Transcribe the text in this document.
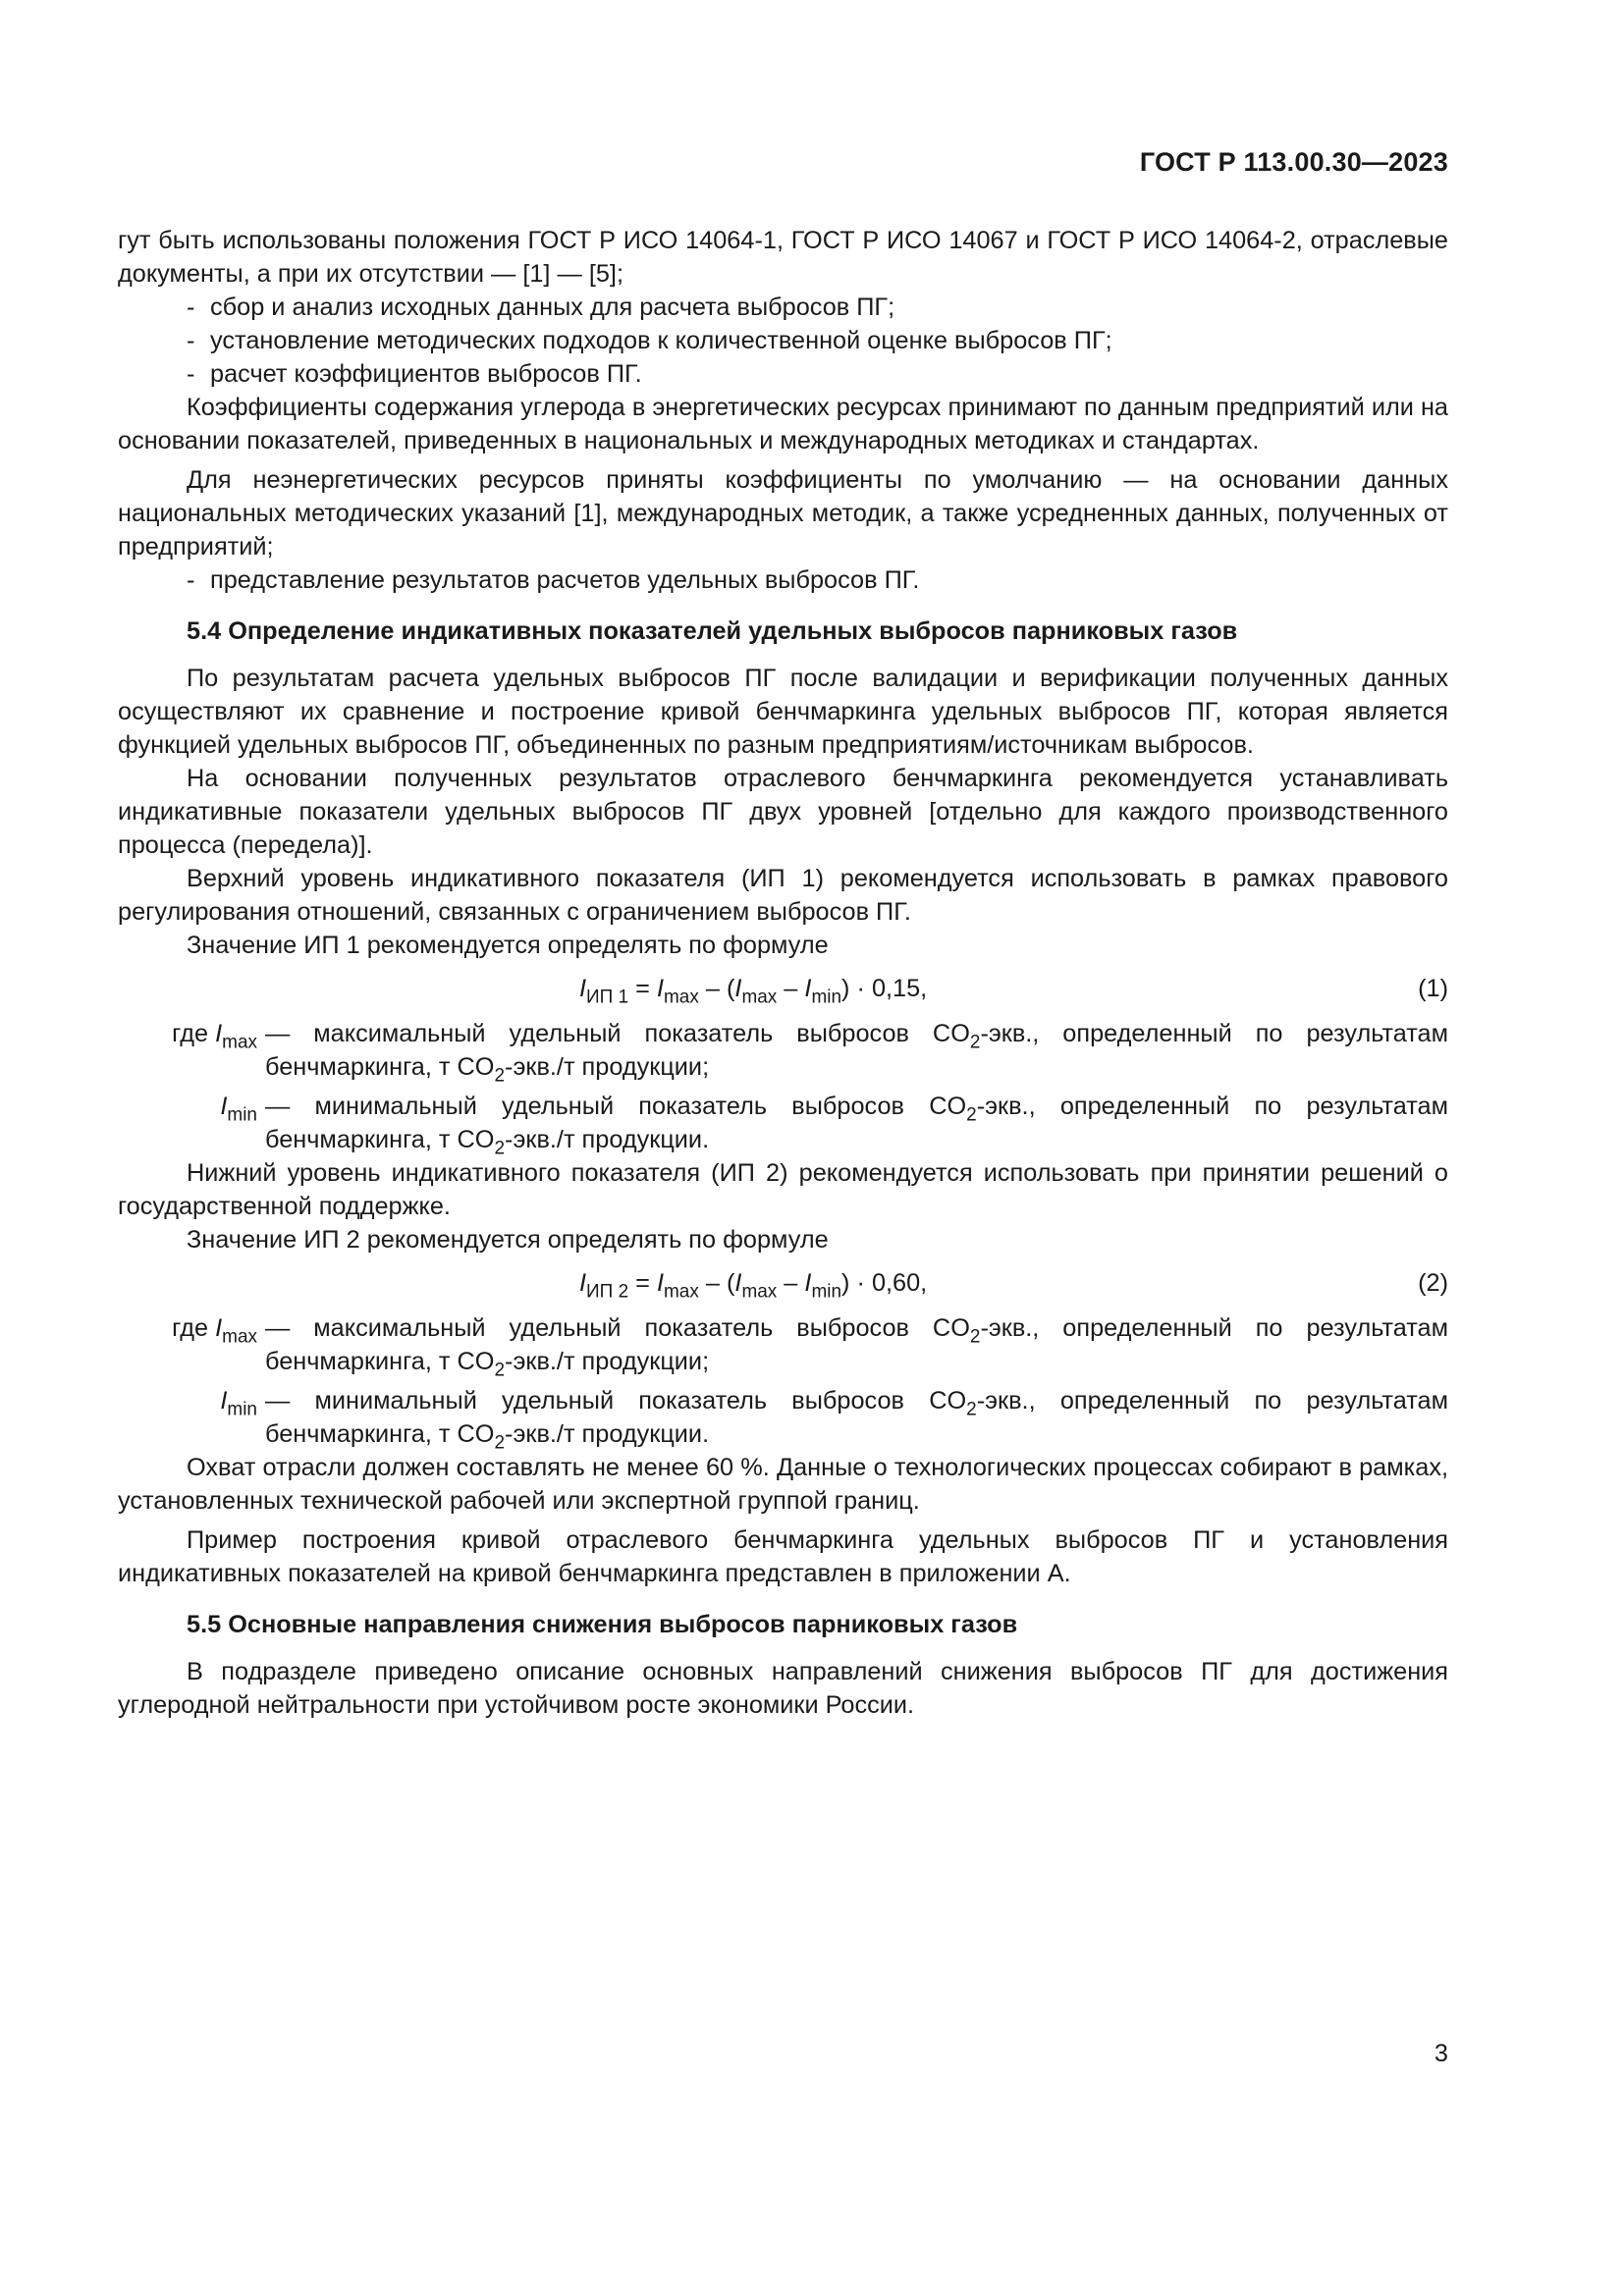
ГОСТ Р 113.00.30—2023

гут быть использованы положения ГОСТ Р ИСО 14064-1, ГОСТ Р ИСО 14067 и ГОСТ Р ИСО 14064-2, отраслевые документы, а при их отсутствии — [1] — [5];

- сбор и анализ исходных данных для расчета выбросов ПГ;

- установление методических подходов к количественной оценке выбросов ПГ;

- расчет коэффициентов выбросов ПГ.

Коэффициенты содержания углерода в энергетических ресурсах принимают по данным предприятий или на основании показателей, приведенных в национальных и международных методиках и стандартах.

Для неэнергетических ресурсов приняты коэффициенты по умолчанию — на основании данных национальных методических указаний [1], международных методик, а также усредненных данных, полученных от предприятий;

- представление результатов расчетов удельных выбросов ПГ.

5.4 Определение индикативных показателей удельных выбросов парниковых газов

По результатам расчета удельных выбросов ПГ после валидации и верификации полученных данных осуществляют их сравнение и построение кривой бенчмаркинга удельных выбросов ПГ, которая является функцией удельных выбросов ПГ, объединенных по разным предприятиям/источникам выбросов.

На основании полученных результатов отраслевого бенчмаркинга рекомендуется устанавливать индикативные показатели удельных выбросов ПГ двух уровней [отдельно для каждого производственного процесса (передела)].

Верхний уровень индикативного показателя (ИП 1) рекомендуется использовать в рамках правового регулирования отношений, связанных с ограничением выбросов ПГ.

Значение ИП 1 рекомендуется определять по формуле

$I_{ИП 1} = I_{max} - (I_{max} - I_{min}) \cdot 0,15$,	(1)

где $I_{max}$ — максимальный удельный показатель выбросов $CO_2$-экв., определенный по результатам бенчмаркинга, т $CO_2-экв./т$ продукции;

$I_{min}$ — минимальный удельный показатель выбросов $CO_2$-экв., определенный по результатам бенчмаркинга, т $CO_2-экв./т$ продукции.

Нижний уровень индикативного показателя (ИП 2) рекомендуется использовать при принятии решений о государственной поддержке.

Значение ИП 2 рекомендуется определять по формуле

$I_{ИП 2} = I_{max} - (I_{max} - I_{min}) \cdot 0,60$,	(2)

где $I_{max}$ — максимальный удельный показатель выбросов $CO_2$-экв., определенный по результатам бенчмаркинга, т $CO_2-экв./т$ продукции;

$I_{min}$ — минимальный удельный показатель выбросов $CO_2$-экв., определенный по результатам бенчмаркинга, т $CO_2-экв./т$ продукции.

Охват отрасли должен составлять не менее 60 %. Данные о технологических процессах собирают в рамках, установленных технической рабочей или экспертной группой границ.

Пример построения кривой отраслевого бенчмаркинга удельных выбросов ПГ и установления индикативных показателей на кривой бенчмаркинга представлен в приложении А.

5.5 Основные направления снижения выбросов парниковых газов

В подразделе приведено описание основных направлений снижения выбросов ПГ для достижения углеродной нейтральности при устойчивом росте экономики России.

3
